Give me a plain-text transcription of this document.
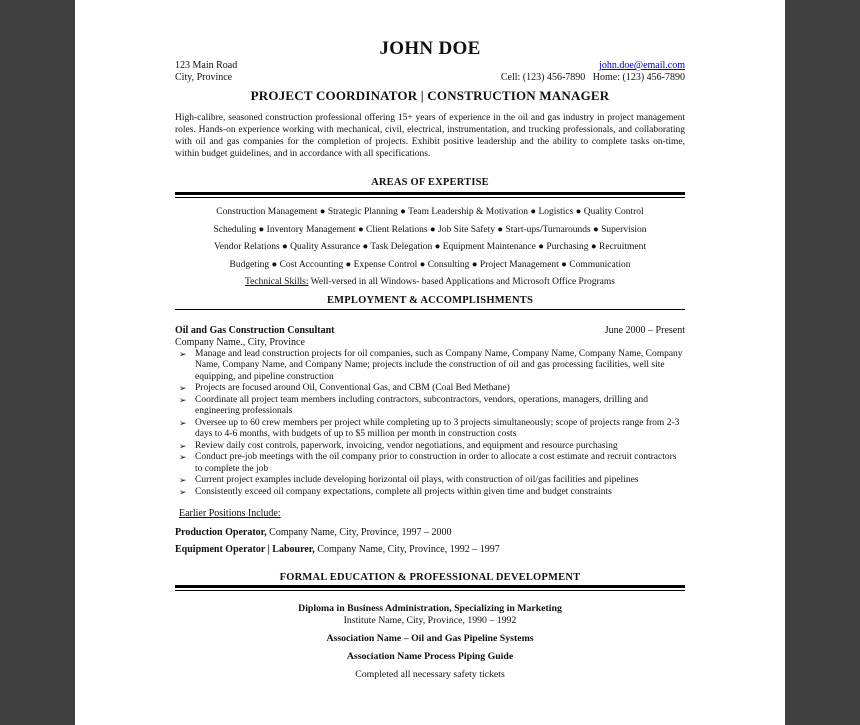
JOHN DOE
123 Main Road
City, Province
john.doe@email.com
Cell: (123) 456-7890   Home: (123) 456-7890
PROJECT COORDINATOR | CONSTRUCTION MANAGER
High-calibre, seasoned construction professional offering 15+ years of experience in the oil and gas industry in project management roles. Hands-on experience working with mechanical, civil, electrical, instrumentation, and trucking professionals, and collaborating with oil and gas companies for the completion of projects. Exhibit positive leadership and the ability to complete tasks on-time, within budget guidelines, and in accordance with all specifications.
AREAS OF EXPERTISE
Construction Management ● Strategic Planning ● Team Leadership & Motivation ● Logistics ● Quality Control
Scheduling ● Inventory Management ● Client Relations ● Job Site Safety ● Start-ups/Turnarounds ● Supervision
Vendor Relations ● Quality Assurance ● Task Delegation ● Equipment Maintenance ● Purchasing ● Recruitment
Budgeting ● Cost Accounting ● Expense Control ● Consulting ● Project Management ● Communication
Technical Skills: Well-versed in all Windows- based Applications and Microsoft Office Programs
EMPLOYMENT & ACCOMPLISHMENTS
Oil and Gas Construction Consultant	June 2000 – Present
Company Name., City, Province
➢ Manage and lead construction projects for oil companies, such as Company Name, Company Name, Company Name, Company Name, Company Name, and Company Name; projects include the construction of oil and gas processing facilities, well site equipping, and pipeline construction
➢ Projects are focused around Oil, Conventional Gas, and CBM (Coal Bed Methane)
➢ Coordinate all project team members including contractors, subcontractors, vendors, operations, managers, drilling and engineering professionals
➢ Oversee up to 60 crew members per project while completing up to 3 projects simultaneously; scope of projects range from 2-3 days to 4-6 months, with budgets of up to $5 million per month in construction costs
➢ Review daily cost controls, paperwork, invoicing, vendor negotiations, and equipment and resource purchasing
➢ Conduct pre-job meetings with the oil company prior to construction in order to allocate a cost estimate and recruit contractors to complete the job
➢ Current project examples include developing horizontal oil plays, with construction of oil/gas facilities and pipelines
➢ Consistently exceed oil company expectations, complete all projects within given time and budget constraints
Earlier Positions Include:
Production Operator, Company Name, City, Province, 1997 – 2000
Equipment Operator | Labourer, Company Name, City, Province, 1992 – 1997
FORMAL EDUCATION & PROFESSIONAL DEVELOPMENT
Diploma in Business Administration, Specializing in Marketing
Institute Name, City, Province, 1990 – 1992
Association Name – Oil and Gas Pipeline Systems
Association Name Process Piping Guide
Completed all necessary safety tickets
